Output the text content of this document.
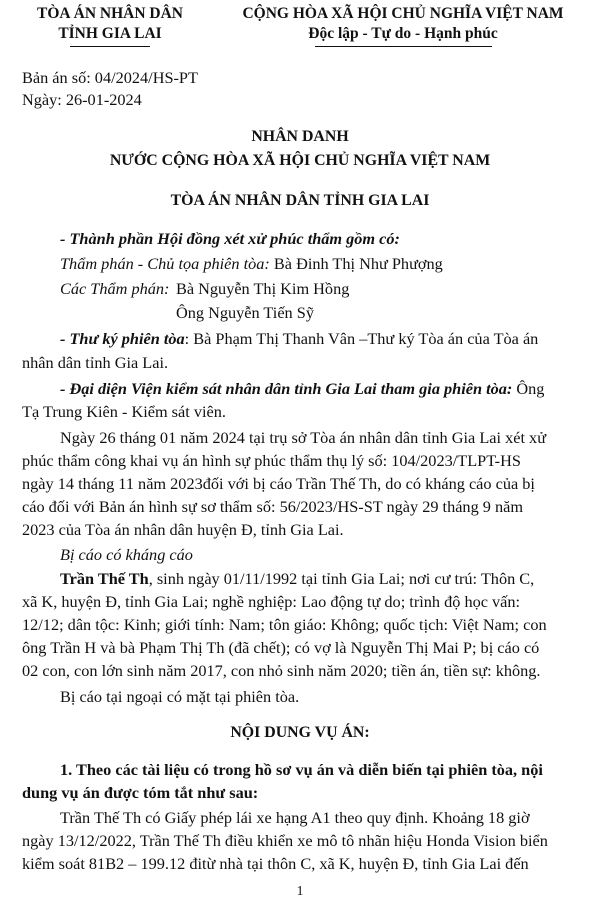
TÒA ÁN NHÂN DÂN
TỈNH GIA LAI
CỘNG HÒA XÃ HỘI CHỦ NGHĨA VIỆT NAM
Độc lập - Tự do - Hạnh phúc
Bản án số: 04/2024/HS-PT
Ngày: 26-01-2024
NHÂN DANH
NƯỚC CỘNG HÒA XÃ HỘI CHỦ NGHĨA VIỆT NAM
TÒA ÁN NHÂN DÂN TỈNH GIA LAI
- Thành phần Hội đồng xét xử phúc thẩm gồm có:
Thẩm phán - Chủ tọa phiên tòa: Bà Đinh Thị Như Phượng
Các Thẩm phán: Bà Nguyễn Thị Kim Hồng
Ông Nguyễn Tiến Sỹ
- Thư ký phiên tòa: Bà Phạm Thị Thanh Vân –Thư ký Tòa án của Tòa án
nhân dân tỉnh Gia Lai.
- Đại diện Viện kiểm sát nhân dân tỉnh Gia Lai tham gia phiên tòa: Ông
Tạ Trung Kiên - Kiểm sát viên.
Ngày 26 tháng 01 năm 2024 tại trụ sở Tòa án nhân dân tỉnh Gia Lai xét xử
phúc thẩm công khai vụ án hình sự phúc thẩm thụ lý số: 104/2023/TLPT-HS
ngày 14 tháng 11 năm 2023đối với bị cáo Trần Thế Th, do có kháng cáo của bị
cáo đối với Bản án hình sự sơ thẩm số: 56/2023/HS-ST ngày 29 tháng 9 năm
2023 của Tòa án nhân dân huyện Đ, tỉnh Gia Lai.
Bị cáo có kháng cáo
Trần Thế Th, sinh ngày 01/11/1992 tại tỉnh Gia Lai; nơi cư trú: Thôn C,
xã K, huyện Đ, tỉnh Gia Lai; nghề nghiệp: Lao động tự do; trình độ học vấn:
12/12; dân tộc: Kinh; giới tính: Nam; tôn giáo: Không; quốc tịch: Việt Nam; con
ông Trần H và bà Phạm Thị Th (đã chết); có vợ là Nguyễn Thị Mai P; bị cáo có
02 con, con lớn sinh năm 2017, con nhỏ sinh năm 2020; tiền án, tiền sự: không.
Bị cáo tại ngoại có mặt tại phiên tòa.
NỘI DUNG VỤ ÁN:
1. Theo các tài liệu có trong hồ sơ vụ án và diễn biến tại phiên tòa, nội
dung vụ án được tóm tắt như sau:
Trần Thế Th có Giấy phép lái xe hạng A1 theo quy định. Khoảng 18 giờ
ngày 13/12/2022, Trần Thế Th điều khiển xe mô tô nhãn hiệu Honda Vision biển
kiểm soát 81B2 – 199.12 đitừ nhà tại thôn C, xã K, huyện Đ, tỉnh Gia Lai đến
1
